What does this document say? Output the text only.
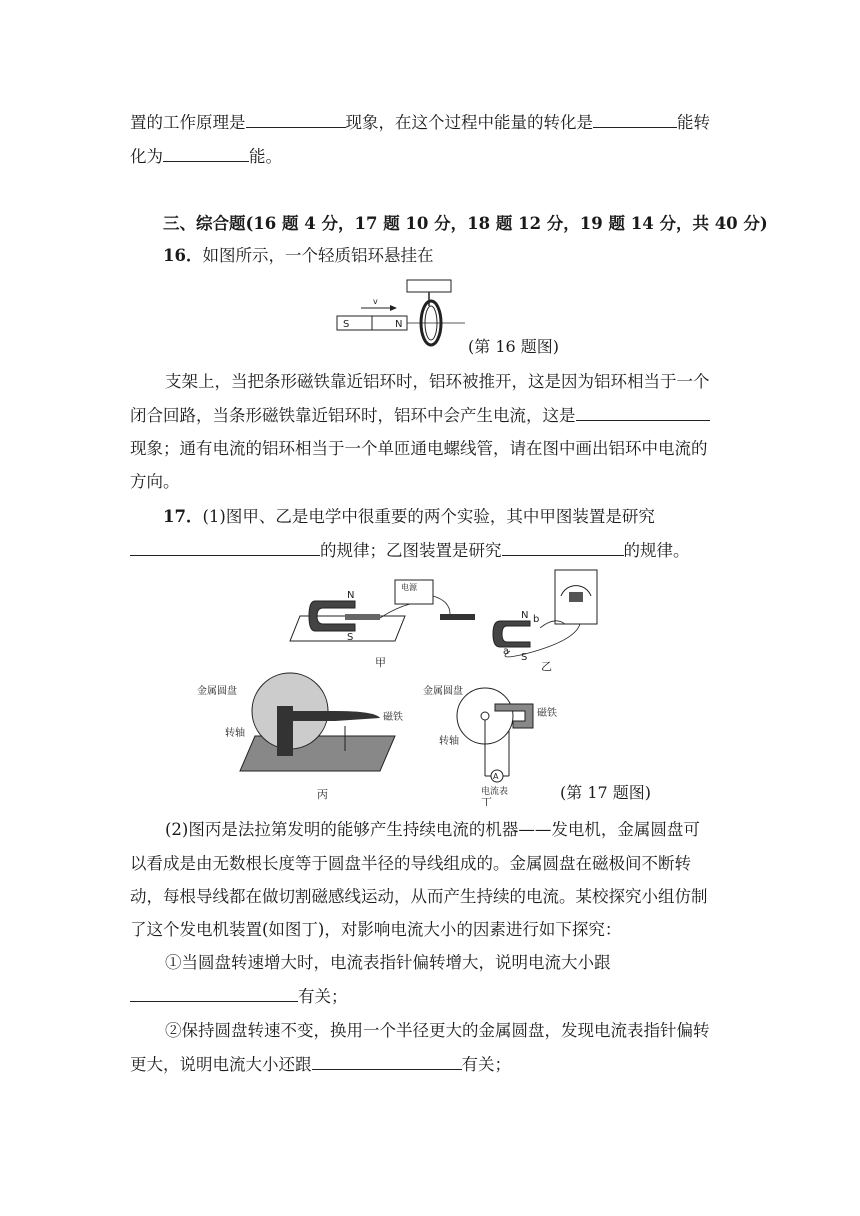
置的工作原理是	现象，在这个过程中能量的转化是	能转
化为	能。
三、综合题(16 题 4 分，17 题 10 分，18 题 12 分，19 题 14 分，共 40 分)
16．如图所示，一个轻质铝环悬挂在
S	N
v
(第 16 题图)
支架上，当把条形磁铁靠近铝环时，铝环被推开，这是因为铝环相当于一个
闭合回路，当条形磁铁靠近铝环时，铝环中会产生电流，这是
现象；通有电流的铝环相当于一个单匝通电螺线管，请在图中画出铝环中电流的
方向。
17．(1)图甲、乙是电学中很重要的两个实验，其中甲图装置是研究
的规律；乙图装置是研究	的规律。
N
S
电源
甲
N
S
a
b
乙
金属圆盘
转轴
磁铁
丙
A
电流表
金属圆盘
转轴
磁铁
丁
(第 17 题图)
(2)图丙是法拉第发明的能够产生持续电流的机器——发电机，金属圆盘可
以看成是由无数根长度等于圆盘半径的导线组成的。金属圆盘在磁极间不断转
动，每根导线都在做切割磁感线运动，从而产生持续的电流。某校探究小组仿制
了这个发电机装置(如图丁)，对影响电流大小的因素进行如下探究：
①当圆盘转速增大时，电流表指针偏转增大，说明电流大小跟
有关；
②保持圆盘转速不变，换用一个半径更大的金属圆盘，发现电流表指针偏转
更大，说明电流大小还跟	有关；
